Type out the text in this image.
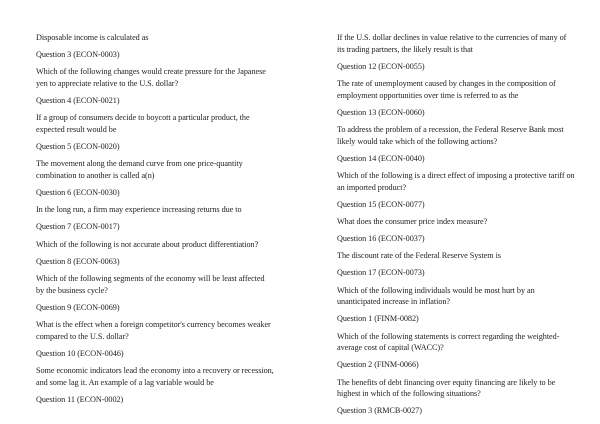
Disposable income is calculated as

Question 3 (ECON-0003)

Which of the following changes would create pressure for the Japanese yen to appreciate relative to the U.S. dollar?

Question 4 (ECON-0021)

If a group of consumers decide to boycott a particular product, the expected result would be

Question 5 (ECON-0020)

The movement along the demand curve from one price-quantity combination to another is called a(n)

Question 6 (ECON-0030)

In the long run, a firm may experience increasing returns due to

Question 7 (ECON-0017)

Which of the following is not accurate about product differentiation?

Question 8 (ECON-0063)

Which of the following segments of the economy will be least affected by the business cycle?

Question 9 (ECON-0069)

What is the effect when a foreign competitor's currency becomes weaker compared to the U.S. dollar?

Question 10 (ECON-0046)

Some economic indicators lead the economy into a recovery or recession, and some lag it. An example of a lag variable would be

Question 11 (ECON-0002)

If the U.S. dollar declines in value relative to the currencies of many of its trading partners, the likely result is that

Question 12 (ECON-0055)

The rate of unemployment caused by changes in the composition of employment opportunities over time is referred to as the

Question 13 (ECON-0060)

To address the problem of a recession, the Federal Reserve Bank most likely would take which of the following actions?

Question 14 (ECON-0040)

Which of the following is a direct effect of imposing a protective tariff on an imported product?

Question 15 (ECON-0077)

What does the consumer price index measure?

Question 16 (ECON-0037)

The discount rate of the Federal Reserve System is

Question 17 (ECON-0073)

Which of the following individuals would be most hurt by an unanticipated increase in inflation?

Question 1 (FINM-0082)

Which of the following statements is correct regarding the weighted-average cost of capital (WACC)?

Question 2 (FINM-0066)

The benefits of debt financing over equity financing are likely to be highest in which of the following situations?

Question 3 (RMCB-0027)
